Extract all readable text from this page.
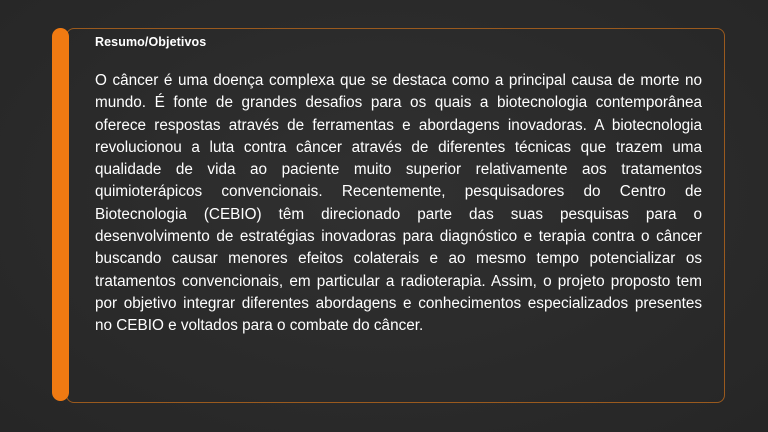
Resumo/Objetivos

O câncer é uma doença complexa que se destaca como a principal causa de morte no mundo. É fonte de grandes desafios para os quais a biotecnologia contemporânea oferece respostas através de ferramentas e abordagens inovadoras. A biotecnologia revolucionou a luta contra câncer através de diferentes técnicas que trazem uma qualidade de vida ao paciente muito superior relativamente aos tratamentos quimioterápicos convencionais. Recentemente, pesquisadores do Centro de Biotecnologia (CEBIO) têm direcionado parte das suas pesquisas para o desenvolvimento de estratégias inovadoras para diagnóstico e terapia contra o câncer buscando causar menores efeitos colaterais e ao mesmo tempo potencializar os tratamentos convencionais, em particular a radioterapia. Assim, o projeto proposto tem por objetivo integrar diferentes abordagens e conhecimentos especializados presentes no CEBIO e voltados para o combate do câncer.
